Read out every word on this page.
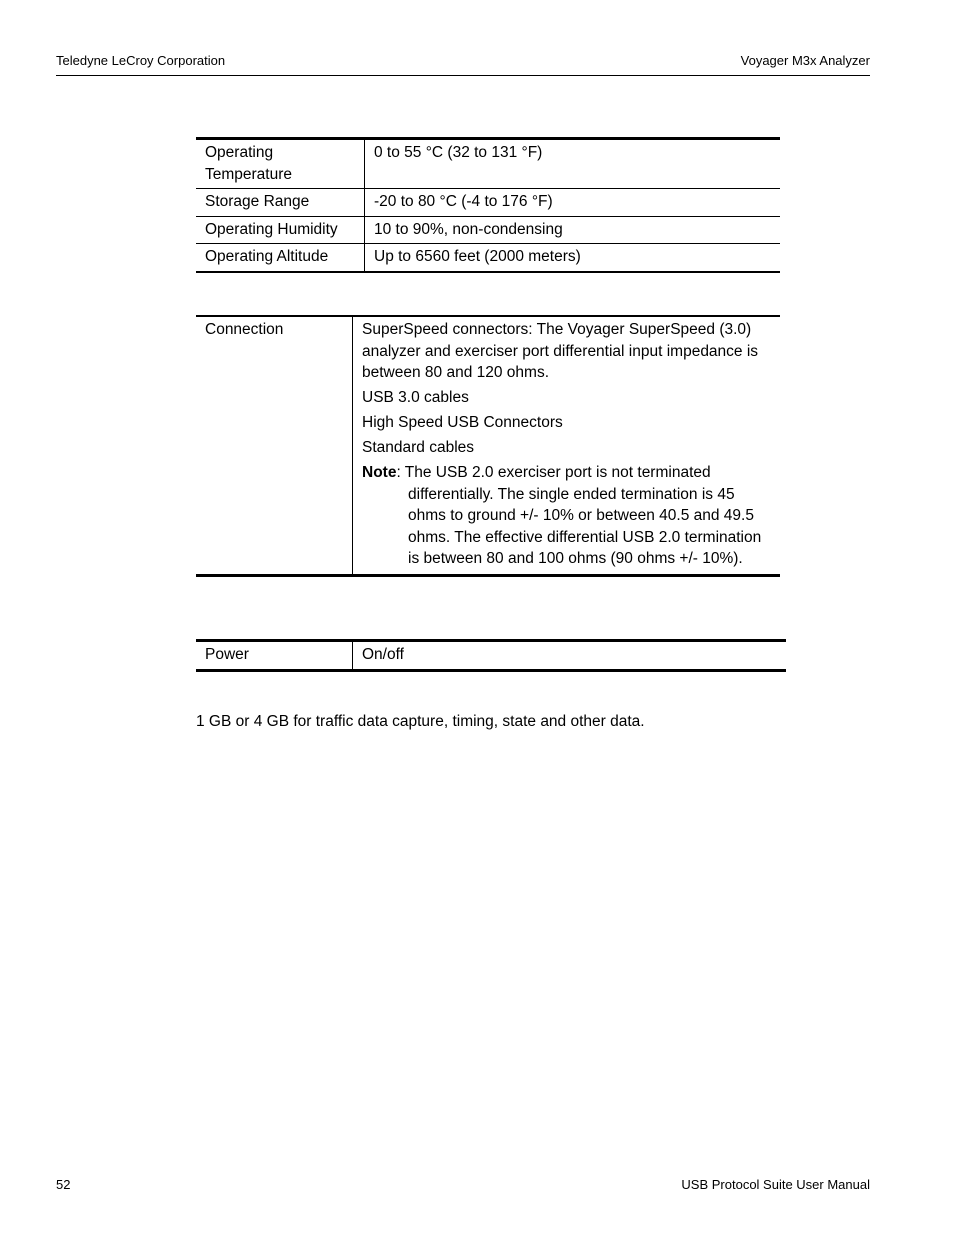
Teledyne LeCroy Corporation	Voyager M3x Analyzer
Operating Temperature	0 to 55 °C (32 to 131 °F)
Storage Range	-20 to 80 °C (-4 to 176 °F)
Operating Humidity	10 to 90%, non-condensing
Operating Altitude	Up to 6560 feet (2000 meters)
Connection	SuperSpeed connectors: The Voyager SuperSpeed (3.0) analyzer and exerciser port differential input impedance is between 80 and 120 ohms.

USB 3.0 cables

High Speed USB Connectors

Standard cables

Note: The USB 2.0 exerciser port is not terminated differentially. The single ended termination is 45 ohms to ground +/- 10% or between 40.5 and 49.5 ohms. The effective differential USB 2.0 termination is between 80 and 100 ohms (90 ohms +/- 10%).

Power	On/off
1 GB or 4 GB for traffic data capture, timing, state and other data.
52	USB Protocol Suite User Manual
